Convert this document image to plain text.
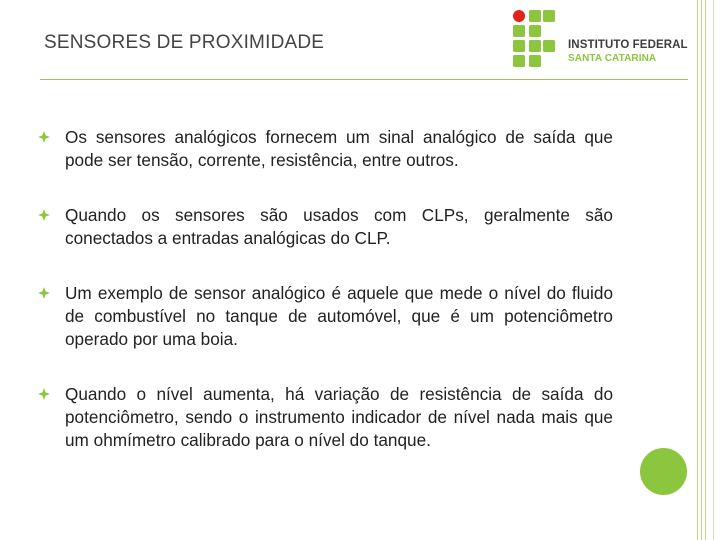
SENSORES DE PROXIMIDADE	INSTITUTO FEDERAL
SANTA CATARINA
Os sensores analógicos fornecem um sinal analógico de saída que pode ser tensão, corrente, resistência, entre outros.
Quando os sensores são usados com CLPs, geralmente são conectados a entradas analógicas do CLP.
Um exemplo de sensor analógico é aquele que mede o nível do fluido de combustível no tanque de automóvel, que é um potenciômetro operado por uma boia.
Quando o nível aumenta, há variação de resistência de saída do potenciômetro, sendo o instrumento indicador de nível nada mais que um ohmímetro calibrado para o nível do tanque.
